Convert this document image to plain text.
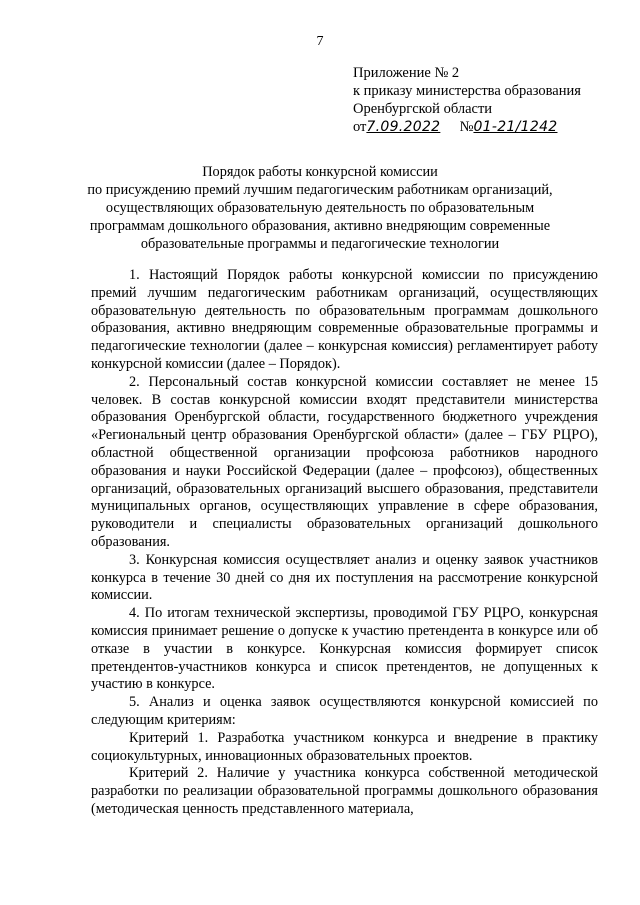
7
Приложение № 2
к приказу министерства образования
Оренбургской области
от7.09.2022 №01-21/1242
Порядок работы конкурсной комиссии
по присуждению премий лучшим педагогическим работникам организаций,
осуществляющих образовательную деятельность по образовательным
программам дошкольного образования, активно внедряющим современные
образовательные программы и педагогические технологии

1. Настоящий Порядок работы конкурсной комиссии по присуждению премий лучшим педагогическим работникам организаций, осуществляющих образовательную деятельность по образовательным программам дошкольного образования, активно внедряющим современные образовательные программы и педагогические технологии (далее – конкурсная комиссия) регламентирует работу конкурсной комиссии (далее – Порядок).

2. Персональный состав конкурсной комиссии составляет не менее 15 человек. В состав конкурсной комиссии входят представители министерства образования Оренбургской области, государственного бюджетного учреждения «Региональный центр образования Оренбургской области» (далее – ГБУ РЦРО), областной общественной организации профсоюза работников народного образования и науки Российской Федерации (далее – профсоюз), общественных организаций, образовательных организаций высшего образования, представители муниципальных органов, осуществляющих управление в сфере образования, руководители и специалисты образовательных организаций дошкольного образования.

3. Конкурсная комиссия осуществляет анализ и оценку заявок участников конкурса в течение 30 дней со дня их поступления на рассмотрение конкурсной комиссии.

4. По итогам технической экспертизы, проводимой ГБУ РЦРО, конкурсная комиссия принимает решение о допуске к участию претендента в конкурсе или об отказе в участии в конкурсе. Конкурсная комиссия формирует список претендентов-участников конкурса и список претендентов, не допущенных к участию в конкурсе.

5. Анализ и оценка заявок осуществляются конкурсной комиссией по следующим критериям:

Критерий 1. Разработка участником конкурса и внедрение в практику социокультурных, инновационных образовательных проектов.

Критерий 2. Наличие у участника конкурса собственной методической разработки по реализации образовательной программы дошкольного образования (методическая ценность представленного материала,
